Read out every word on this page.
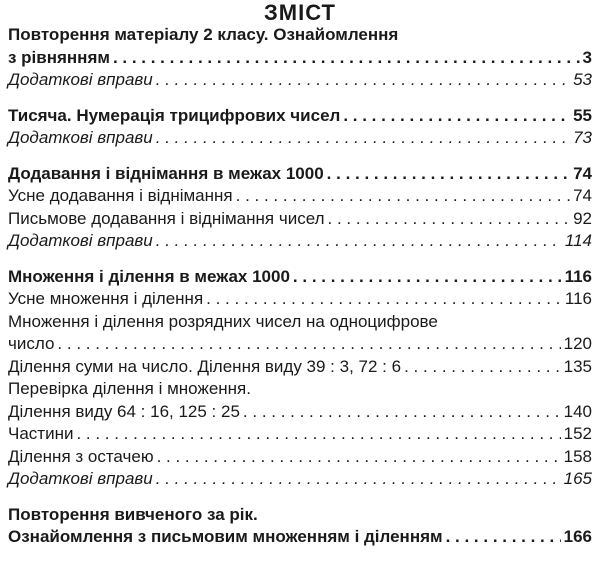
ЗМІСТ
Повторення матеріалу 2 класу. Ознайомлення
з рівнянням . . .	3
Додаткові вправи . . .	53
Тисяча. Нумерація трицифрових чисел . . .	55
Додаткові вправи . . .	73
Додавання і віднімання в межах 1000 . . .	74
Усне додавання і віднімання . . .	74
Письмове додавання і віднімання чисел . . .	92
Додаткові вправи . . .	114
Множення і ділення в межах 1000 . . .	116
Усне множення і ділення . . .	116
Множення і ділення розрядних чисел на одноцифрове
число . . .	120
Ділення суми на число. Ділення виду 39 : 3, 72 : 6 . . .	135
Перевірка ділення і множення.
Ділення виду 64 : 16, 125 : 25 . . .	140
Частини . . .	152
Ділення з остачею . . .	158
Додаткові вправи . . .	165
Повторення вивченого за рік.
Ознайомлення з письмовим множенням і діленням . . .	166
